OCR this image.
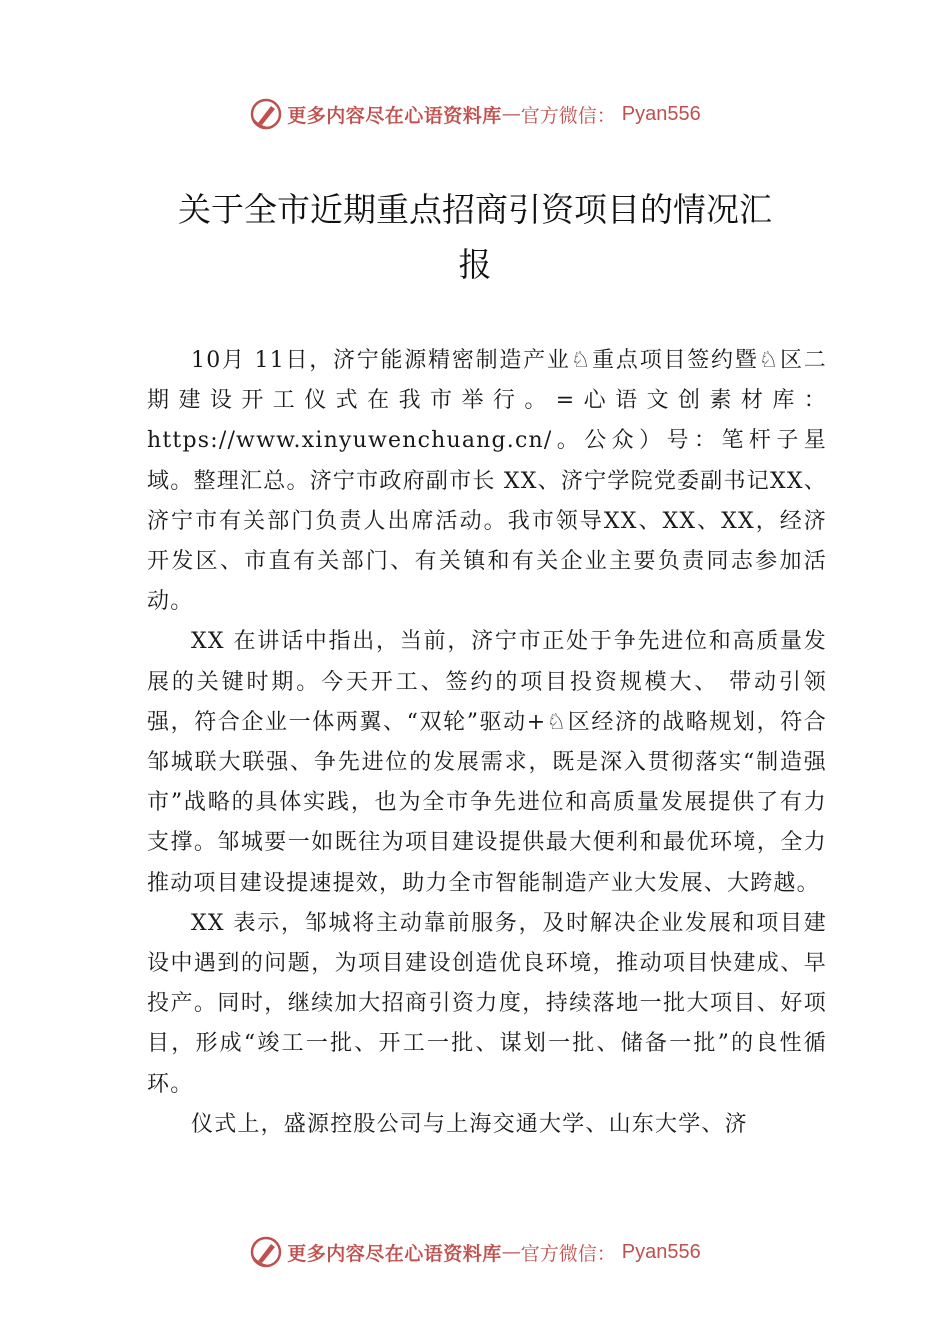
更多内容尽在心语资料库 — 官方微信： Pyan556
关于全市近期重点招商引资项目的情况汇
报

10月 11日，济宁能源精密制造产业♘重点项目签约暨♘区二期建设开工仪式在我市举行。=心语文创素材库：https://www.xinyuwenchuang.cn/。公众）号：笔杆子星域。整理汇总。济宁市政府副市长 XX、济宁学院党委副书记XX、济宁市有关部门负责人出席活动。我市领导XX、XX、XX，经济开发区、市直有关部门、有关镇和有关企业主要负责同志参加活动。

XX 在讲话中指出，当前，济宁市正处于争先进位和高质量发展的关键时期。今天开工、签约的项目投资规模大、 带动引领强，符合企业一体两翼、“双轮”驱动+♘区经济的战略规划，符合邹城联大联强、争先进位的发展需求，既是深入贯彻落实“制造强市”战略的具体实践，也为全市争先进位和高质量发展提供了有力支撑。邹城要一如既往为项目建设提供最大便利和最优环境，全力推动项目建设提速提效，助力全市智能制造产业大发展、大跨越。

XX 表示，邹城将主动靠前服务，及时解决企业发展和项目建设中遇到的问题，为项目建设创造优良环境，推动项目快建成、早投产。同时，继续加大招商引资力度，持续落地一批大项目、好项目，形成“竣工一批、开工一批、谋划一批、储备一批”的良性循环。

仪式上，盛源控股公司与上海交通大学、山东大学、济

更多内容尽在心语资料库 — 官方微信： Pyan556
